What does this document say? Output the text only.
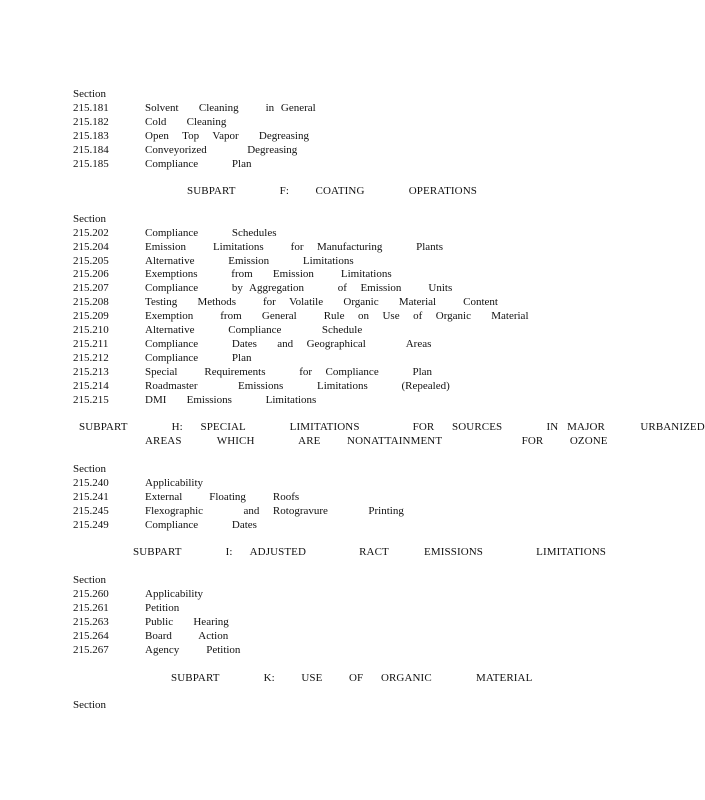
Section
215.181	Solvent   Cleaning    in General
215.182	Cold   Cleaning
215.183	Open  Top  Vapor   Degreasing
215.184	Conveyorized      Degreasing
215.185	Compliance     Plan
SUBPART     F:   COATING     OPERATIONS
Section
215.202	Compliance     Schedules
215.204	Emission    Limitations    for  Manufacturing     Plants
215.205	Alternative     Emission     Limitations
215.206	Exemptions     from   Emission    Limitations
215.207	Compliance     by Aggregation     of  Emission    Units
215.208	Testing   Methods    for  Volatile   Organic   Material    Content
215.209	Exemption    from   General    Rule  on  Use  of  Organic   Material
215.210	Alternative     Compliance      Schedule
215.211	Compliance     Dates   and  Geographical      Areas
215.212	Compliance     Plan
215.213	Special    Requirements     for  Compliance     Plan
215.214	Roadmaster      Emissions     Limitations     (Repealed)
215.215	DMI   Emissions     Limitations
SUBPART     H:  SPECIAL     LIMITATIONS      FOR  SOURCES     IN MAJOR    URBANIZED
AREAS    WHICH     ARE   NONATTAINMENT         FOR   OZONE
Section
215.240	Applicability
215.241	External    Floating    Roofs
215.245	Flexographic      and  Rotogravure      Printing
215.249	Compliance     Dates
SUBPART     I:  ADJUSTED      RACT    EMISSIONS      LIMITATIONS
Section
215.260	Applicability
215.261	Petition
215.263	Public   Hearing
215.264	Board    Action
215.267	Agency    Petition
SUBPART     K:   USE   OF  ORGANIC     MATERIAL
Section
